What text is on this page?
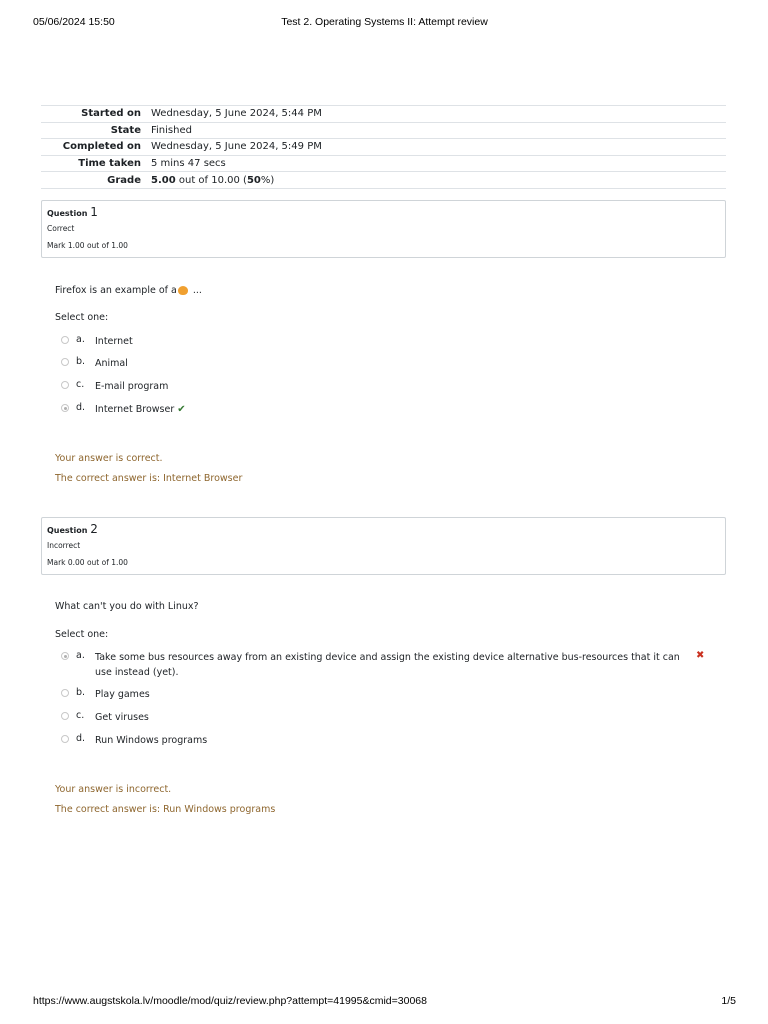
05/06/2024 15:50	Test 2. Operating Systems II: Attempt review
Started on	Wednesday, 5 June 2024, 5:44 PM
State	Finished
Completed on	Wednesday, 5 June 2024, 5:49 PM
Time taken	5 mins 47 secs
Grade	5.00 out of 10.00 (50%)
Question 1
Correct
Mark 1.00 out of 1.00
Firefox is an example of a ...
Select one:
a. Internet
b. Animal
c. E-mail program
d. Internet Browser ✔
Your answer is correct.
The correct answer is: Internet Browser
Question 2
Incorrect
Mark 0.00 out of 1.00
What can't you do with Linux?
Select one:
a. Take some bus resources away from an existing device and assign the existing device alternative bus-resources that it can use instead (yet).
✖
b. Play games
c. Get viruses
d. Run Windows programs
Your answer is incorrect.
The correct answer is: Run Windows programs
https://www.augstskola.lv/moodle/mod/quiz/review.php?attempt=41995&cmid=30068	1/5
